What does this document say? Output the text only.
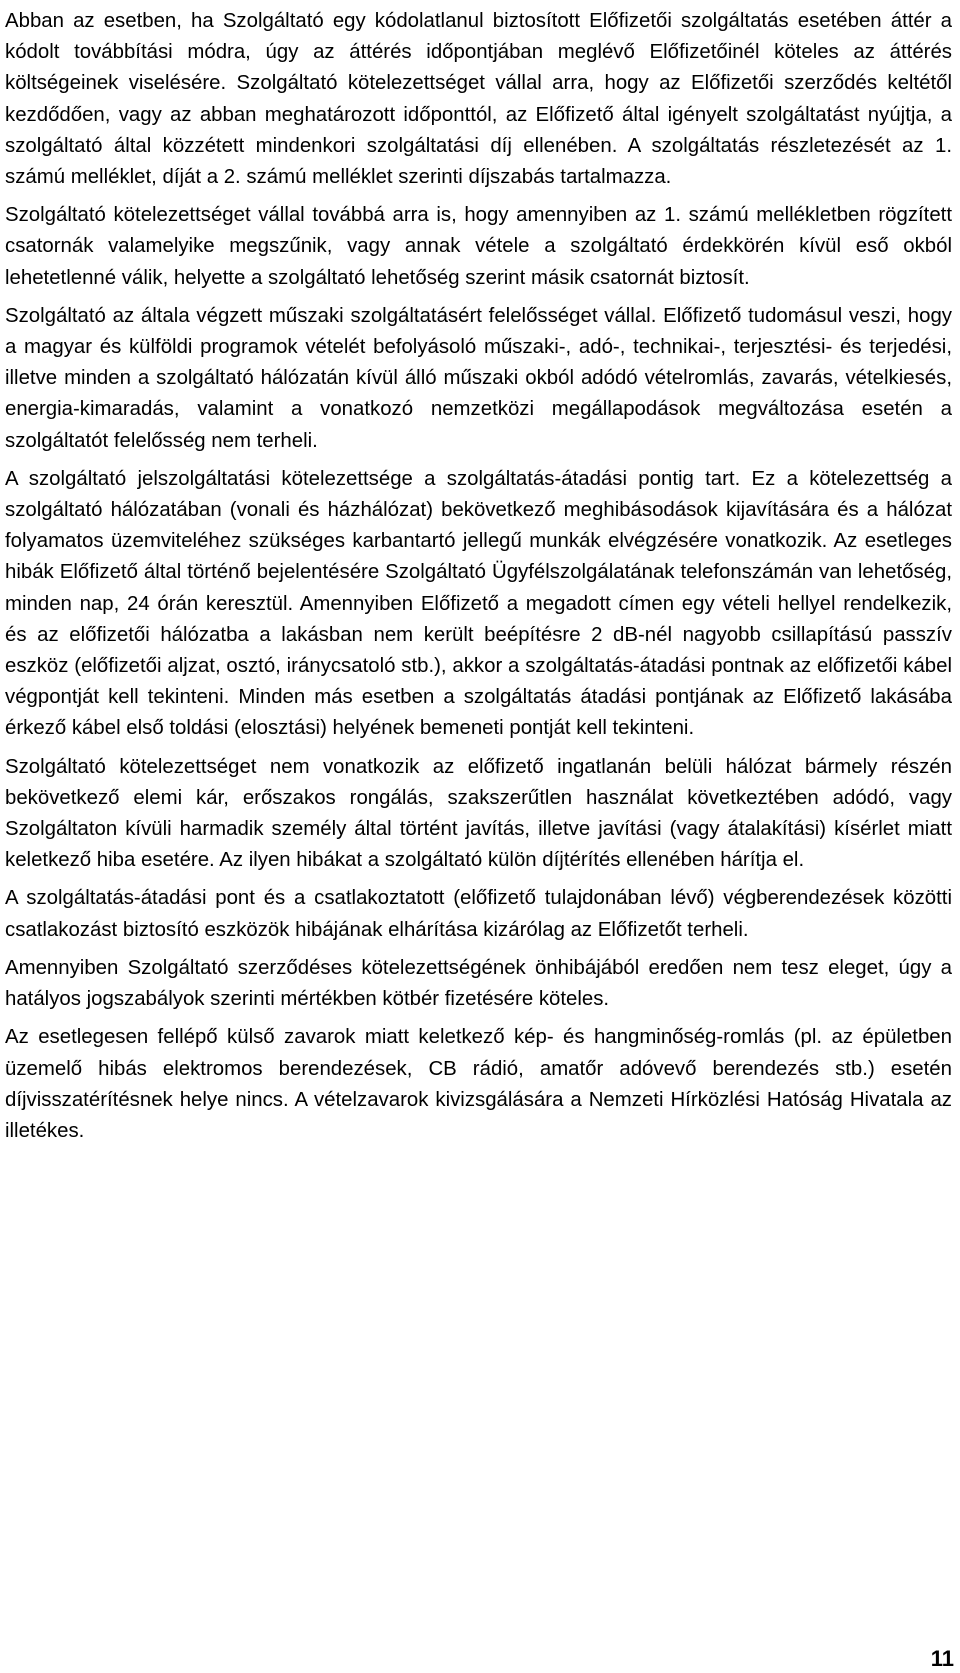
Abban az esetben, ha Szolgáltató egy kódolatlanul biztosított Előfizetői szolgáltatás esetében áttér a kódolt továbbítási módra, úgy az áttérés időpontjában meglévő Előfizetőinél köteles az áttérés költségeinek viselésére. Szolgáltató kötelezettséget vállal arra, hogy az Előfizetői szerződés keltétől kezdődően, vagy az abban meghatározott időponttól, az Előfizető által igényelt szolgáltatást nyújtja, a szolgáltató által közzétett mindenkori szolgáltatási díj ellenében. A szolgáltatás részletezését az 1. számú melléklet, díját a 2. számú melléklet szerinti díjszabás tartalmazza.

Szolgáltató kötelezettséget vállal továbbá arra is, hogy amennyiben az 1. számú mellékletben rögzített csatornák valamelyike megszűnik, vagy annak vétele a szolgáltató érdekkörén kívül eső okból lehetetlenné válik, helyette a szolgáltató lehetőség szerint másik csatornát biztosít.

Szolgáltató az általa végzett műszaki szolgáltatásért felelősséget vállal. Előfizető tudomásul veszi, hogy a magyar és külföldi programok vételét befolyásoló műszaki-, adó-, technikai-, terjesztési- és terjedési, illetve minden a szolgáltató hálózatán kívül álló műszaki okból adódó vételromlás, zavarás, vételkiesés, energia-kimaradás, valamint a vonatkozó nemzetközi megállapodások megváltozása esetén a szolgáltatót felelősség nem terheli.

A szolgáltató jelszolgáltatási kötelezettsége a szolgáltatás-átadási pontig tart. Ez a kötelezettség a szolgáltató hálózatában (vonali és házhálózat) bekövetkező meghibásodások kijavítására és a hálózat folyamatos üzemviteléhez szükséges karbantartó jellegű munkák elvégzésére vonatkozik. Az esetleges hibák Előfizető által történő bejelentésére Szolgáltató Ügyfélszolgálatának telefonszámán van lehetőség, minden nap, 24 órán keresztül. Amennyiben Előfizető a megadott címen egy vételi hellyel rendelkezik, és az előfizetői hálózatba a lakásban nem került beépítésre 2 dB-nél nagyobb csillapítású passzív eszköz (előfizetői aljzat, osztó, iránycsatoló stb.), akkor a szolgáltatás-átadási pontnak az előfizetői kábel végpontját kell tekinteni. Minden más esetben a szolgáltatás átadási pontjának az Előfizető lakásába érkező kábel első toldási (elosztási) helyének bemeneti pontját kell tekinteni.

Szolgáltató kötelezettséget nem vonatkozik az előfizető ingatlanán belüli hálózat bármely részén bekövetkező elemi kár, erőszakos rongálás, szakszerűtlen használat következtében adódó, vagy Szolgáltaton kívüli harmadik személy által történt javítás, illetve javítási (vagy átalakítási) kísérlet miatt keletkező hiba esetére. Az ilyen hibákat a szolgáltató külön díjtérítés ellenében hárítja el.

A szolgáltatás-átadási pont és a csatlakoztatott (előfizető tulajdonában lévő) végberendezések közötti csatlakozást biztosító eszközök hibájának elhárítása kizárólag az Előfizetőt terheli.

Amennyiben Szolgáltató szerződéses kötelezettségének önhibájából eredően nem tesz eleget, úgy a hatályos jogszabályok szerinti mértékben kötbér fizetésére köteles.

Az esetlegesen fellépő külső zavarok miatt keletkező kép- és hangminőség-romlás (pl. az épületben üzemelő hibás elektromos berendezések, CB rádió, amatőr adóvevő berendezés stb.) esetén díjvisszatérítésnek helye nincs. A vételzavarok kivizsgálására a Nemzeti Hírközlési Hatóság Hivatala az illetékes.

11
